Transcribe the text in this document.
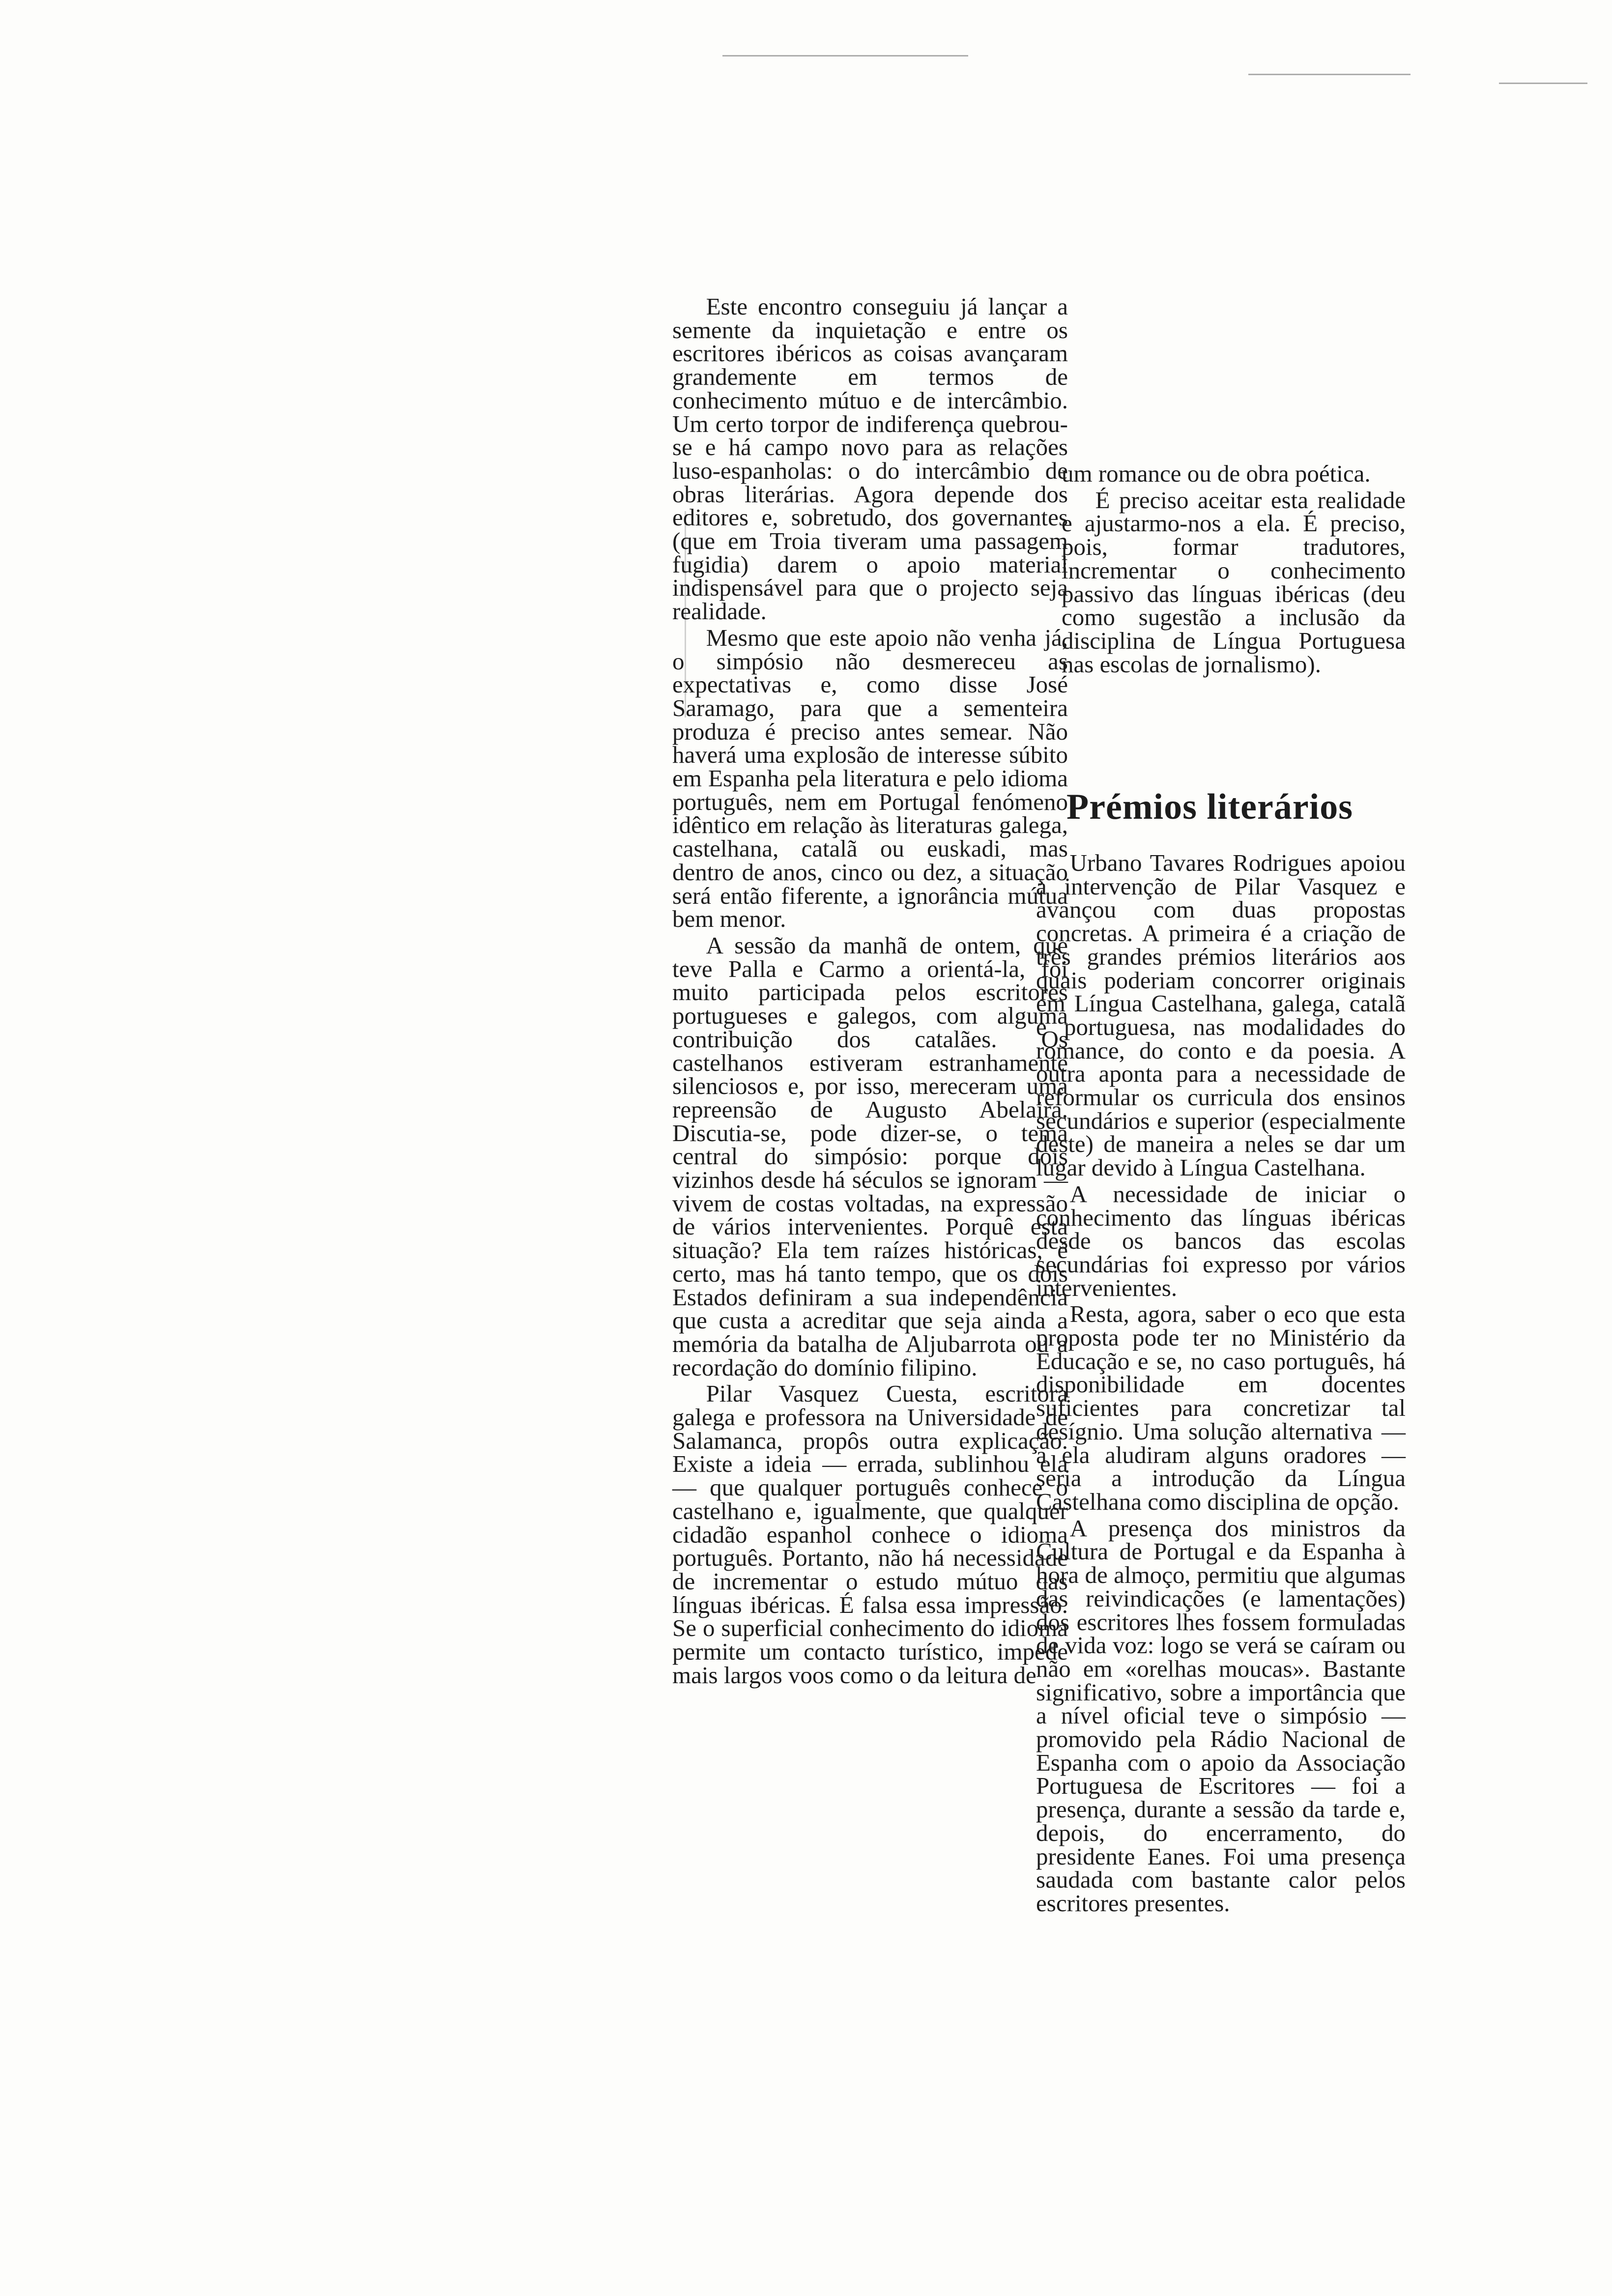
Este encontro conseguiu já lançar a semente da inquietação e entre os escritores ibéricos as coisas avançaram grandemente em termos de conhecimento mútuo e de intercâmbio. Um certo torpor de indiferença quebrou-se e há campo novo para as relações luso-espanholas: o do intercâmbio de obras literárias. Agora depende dos editores e, sobretudo, dos governantes (que em Troia tiveram uma passagem fugidia) darem o apoio material indispensável para que o projecto seja realidade.

Mesmo que este apoio não venha já, o simpósio não desmereceu as expectativas e, como disse José Saramago, para que a sementeira produza é preciso antes semear. Não haverá uma explosão de interesse súbito em Espanha pela literatura e pelo idioma português, nem em Portugal fenómeno idêntico em relação às literaturas galega, castelhana, catalã ou euskadi, mas dentro de anos, cinco ou dez, a situação será então fiferente, a ignorância mútua bem menor.

A sessão da manhã de ontem, que teve Palla e Carmo a orientá-la, foi muito participada pelos escritores portugueses e galegos, com alguma contribuição dos catalães. Os castelhanos estiveram estranhamente silenciosos e, por isso, mereceram uma repreensão de Augusto Abelaira. Discutia-se, pode dizer-se, o tema central do simpósio: porque dois vizinhos desde há séculos se ignoram — vivem de costas voltadas, na expressão de vários intervenientes. Porquê esta situação? Ela tem raízes históricas, é certo, mas há tanto tempo, que os dois Estados definiram a sua independência que custa a acreditar que seja ainda a memória da batalha de Aljubarrota ou a recordação do domínio filipino.

Pilar Vasquez Cuesta, escritora galega e professora na Universidade de Salamanca, propôs outra explicação. Existe a ideia — errada, sublinhou ela — que qualquer português conhece o castelhano e, igualmente, que qualquer cidadão espanhol conhece o idioma português. Portanto, não há necessidade de incrementar o estudo mútuo das línguas ibéricas. É falsa essa impressão. Se o superficial conhecimento do idioma permite um contacto turístico, impede mais largos voos como o da leitura de

um romance ou de obra poética.

É preciso aceitar esta realidade e ajustarmo-nos a ela. É preciso, pois, formar tradutores, incrementar o conhecimento passivo das línguas ibéricas (deu como sugestão a inclusão da disciplina de Língua Portuguesa nas escolas de jornalismo).

Prémios literários

Urbano Tavares Rodrigues apoiou a intervenção de Pilar Vasquez e avançou com duas propostas concretas. A primeira é a criação de três grandes prémios literários aos quais poderiam concorrer originais em Língua Castelhana, galega, catalã e portuguesa, nas modalidades do romance, do conto e da poesia. A outra aponta para a necessidade de reformular os curricula dos ensinos secundários e superior (especialmente deste) de maneira a neles se dar um lugar devido à Língua Castelhana.

A necessidade de iniciar o conhecimento das línguas ibéricas desde os bancos das escolas secundárias foi expresso por vários intervenientes.

Resta, agora, saber o eco que esta proposta pode ter no Ministério da Educação e se, no caso português, há disponibilidade em docentes suficientes para concretizar tal desígnio. Uma solução alternativa — a ela aludiram alguns oradores — seria a introdução da Língua Castelhana como disciplina de opção.

A presença dos ministros da Cultura de Portugal e da Espanha à hora de almoço, permitiu que algumas das reivindicações (e lamentações) dos escritores lhes fossem formuladas de vida voz: logo se verá se caíram ou não em «orelhas moucas». Bastante significativo, sobre a importância que a nível oficial teve o simpósio — promovido pela Rádio Nacional de Espanha com o apoio da Associação Portuguesa de Escritores — foi a presença, durante a sessão da tarde e, depois, do encerramento, do presidente Eanes. Foi uma presença saudada com bastante calor pelos escritores presentes.
